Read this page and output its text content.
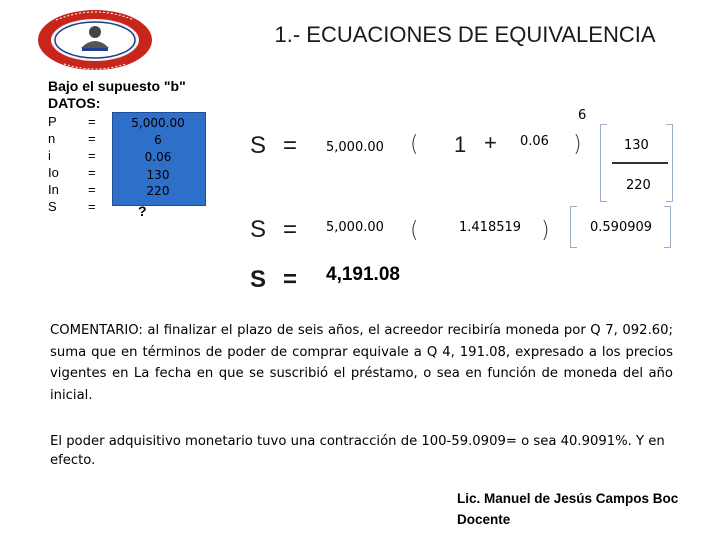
1.- ECUACIONES DE EQUIVALENCIA
Bajo el supuesto "b"
DATOS:
P =	5,000.00
n	=	6
i	=	0.06
Io =	130
In =	220
S =	?
S = 5,000.00 ( 1 + 0.06 )
6
130
220
S = 5,000.00 (	1.418519 )	0.590909
S = 4,191.08
COMENTARIO: al finalizar el plazo de seis años, el acreedor recibiría moneda por Q 7, 092.60; suma que en términos de poder de comprar equivale a Q 4, 191.08, expresado a los precios vigentes en La fecha en que se suscribió el préstamo, o sea en función de moneda del año inicial.
El poder adquisitivo monetario tuvo una contracción de 100-59.0909= o sea 40.9091%. Y en efecto.
Lic. Manuel de Jesús Campos Boc
Docente
